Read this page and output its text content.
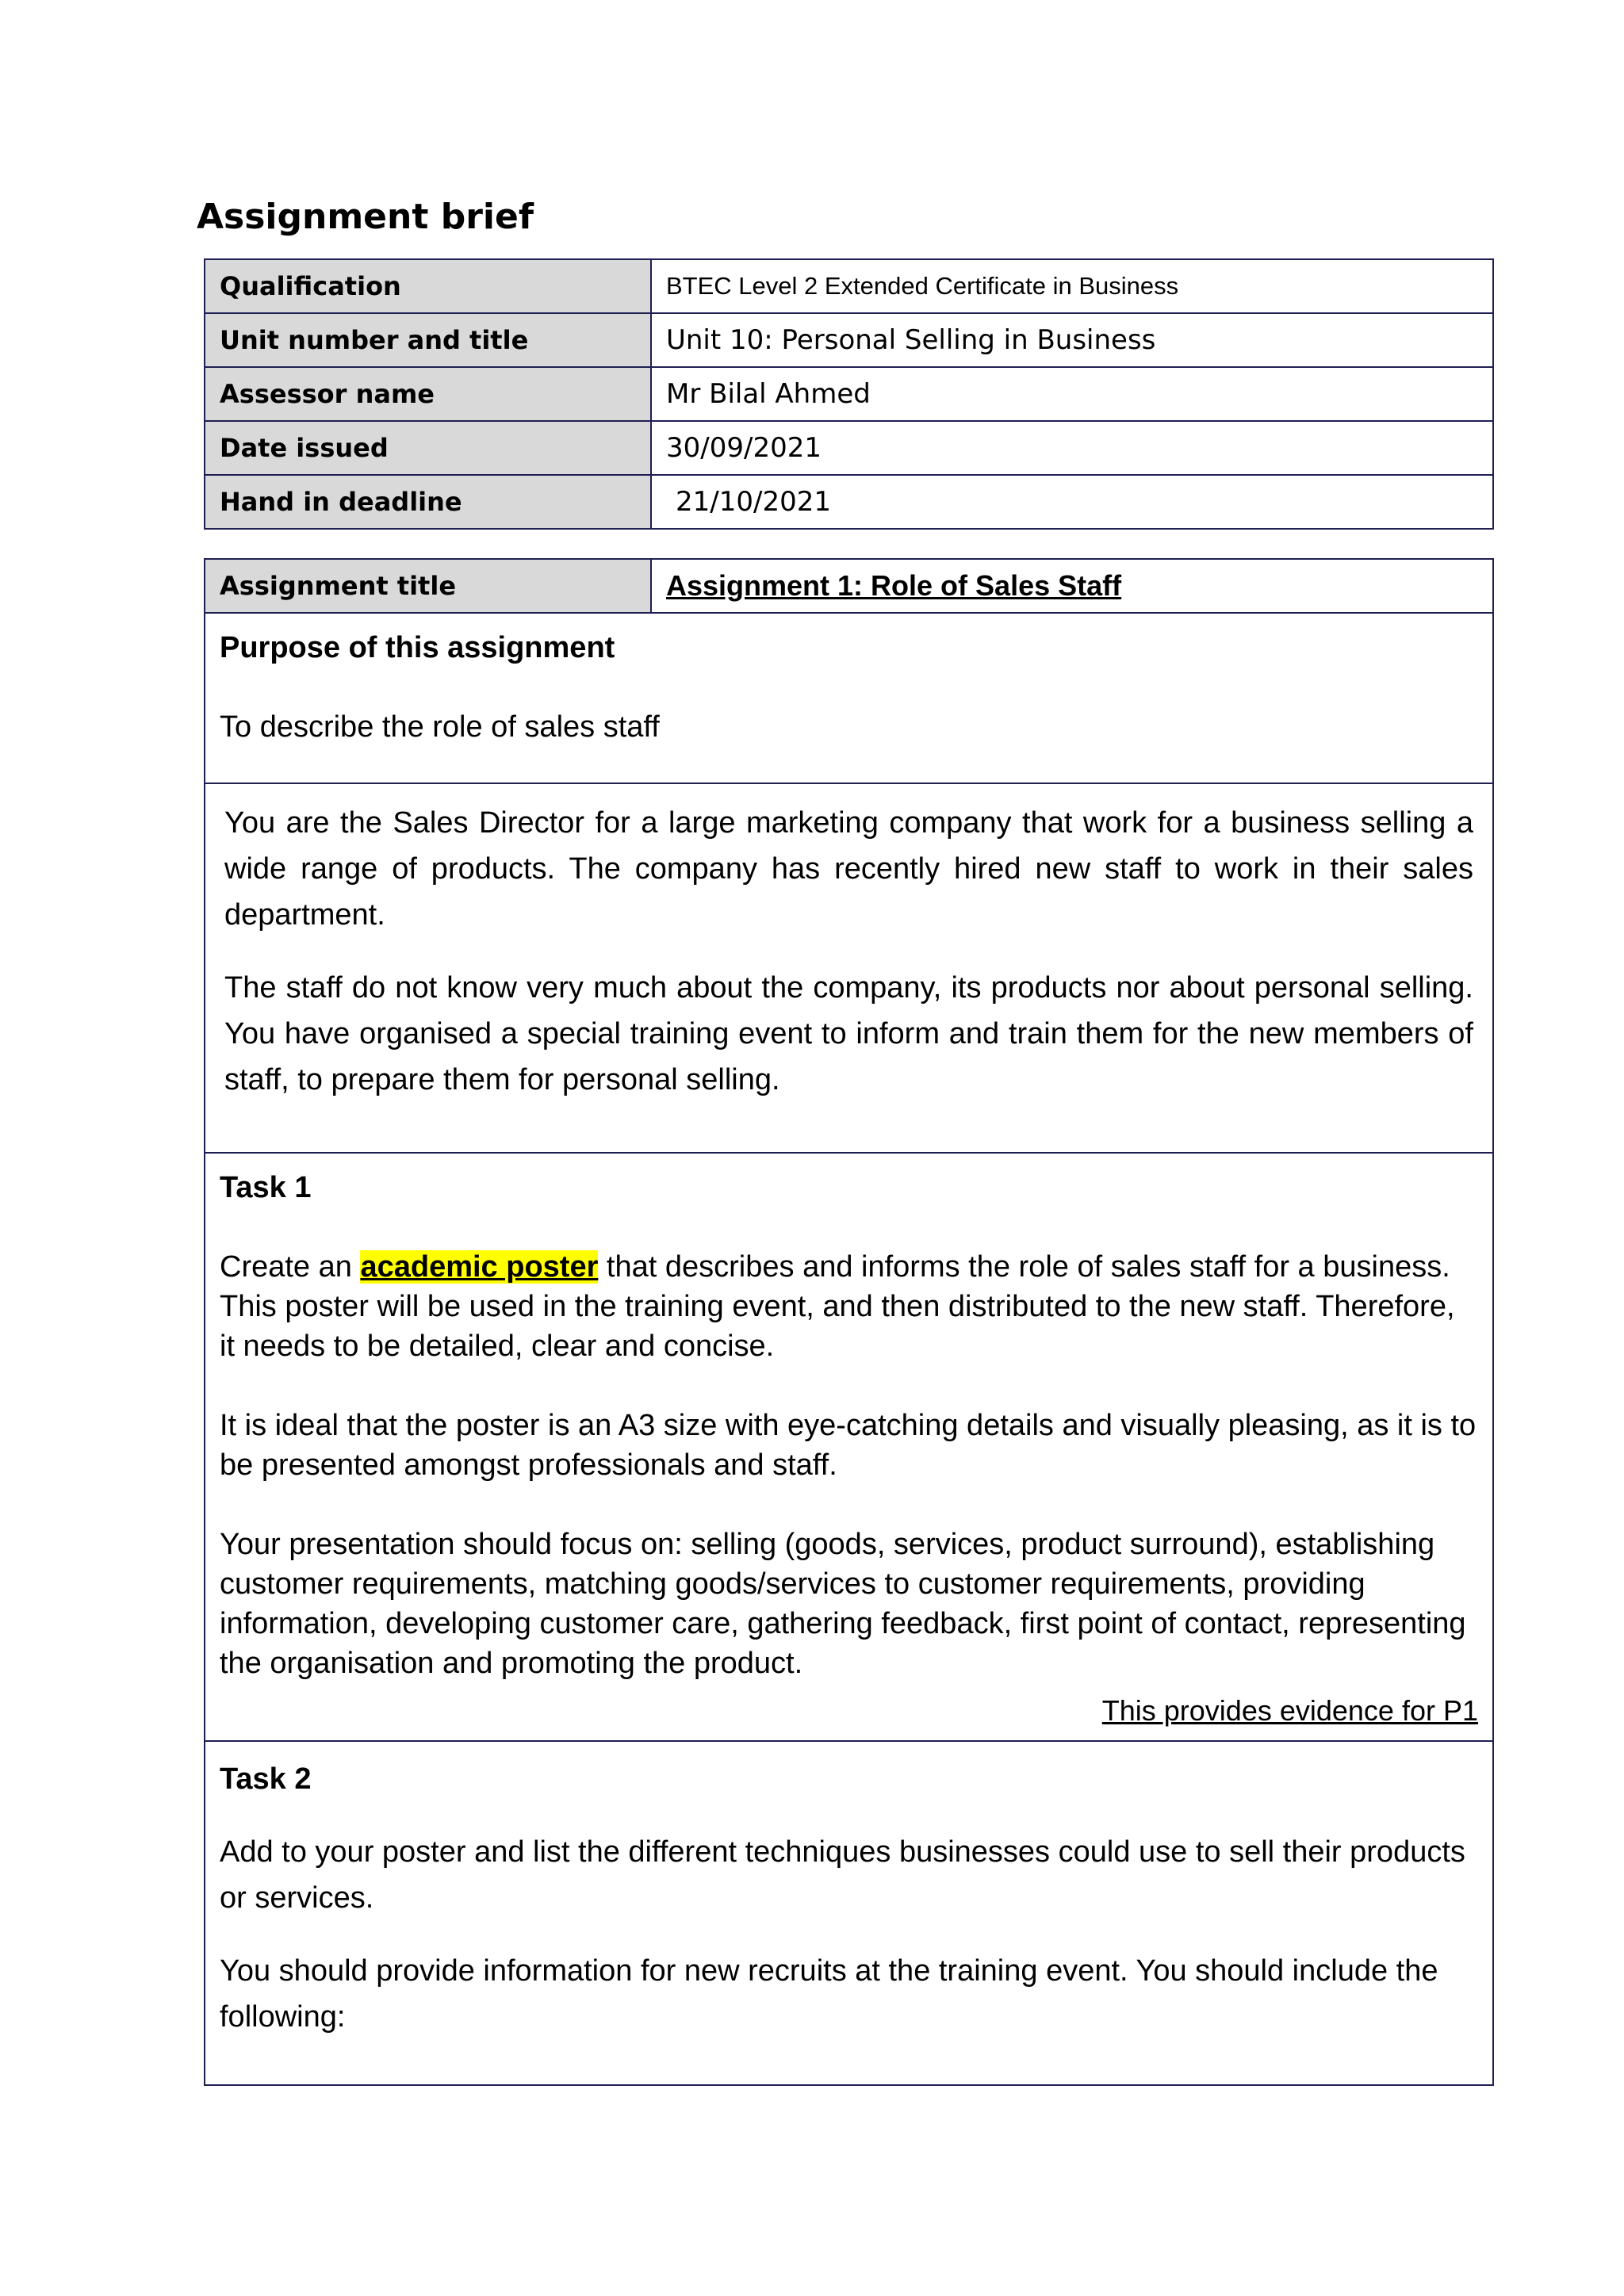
Assignment brief
Qualification	BTEC Level 2 Extended Certificate in Business
Unit number and title	Unit 10: Personal Selling in Business
Assessor name	Mr Bilal Ahmed
Date issued	30/09/2021
Hand in deadline	21/10/2021
Assignment title	Assignment 1: Role of Sales Staff

Purpose of this assignment
To describe the role of sales staff

You are the Sales Director for a large marketing company that work for a business selling a wide range of products. The company has recently hired new staff to work in their sales department.

The staff do not know very much about the company, its products nor about personal selling. You have organised a special training event to inform and train them for the new members of staff, to prepare them for personal selling.

Task 1

Create an academic poster that describes and informs the role of sales staff for a business. This poster will be used in the training event, and then distributed to the new staff. Therefore, it needs to be detailed, clear and concise.

It is ideal that the poster is an A3 size with eye-catching details and visually pleasing, as it is to be presented amongst professionals and staff.

Your presentation should focus on: selling (goods, services, product surround), establishing customer requirements, matching goods/services to customer requirements, providing information, developing customer care, gathering feedback, first point of contact, representing the organisation and promoting the product.

This provides evidence for P1

Task 2

Add to your poster and list the different techniques businesses could use to sell their products or services.

You should provide information for new recruits at the training event. You should include the following:
